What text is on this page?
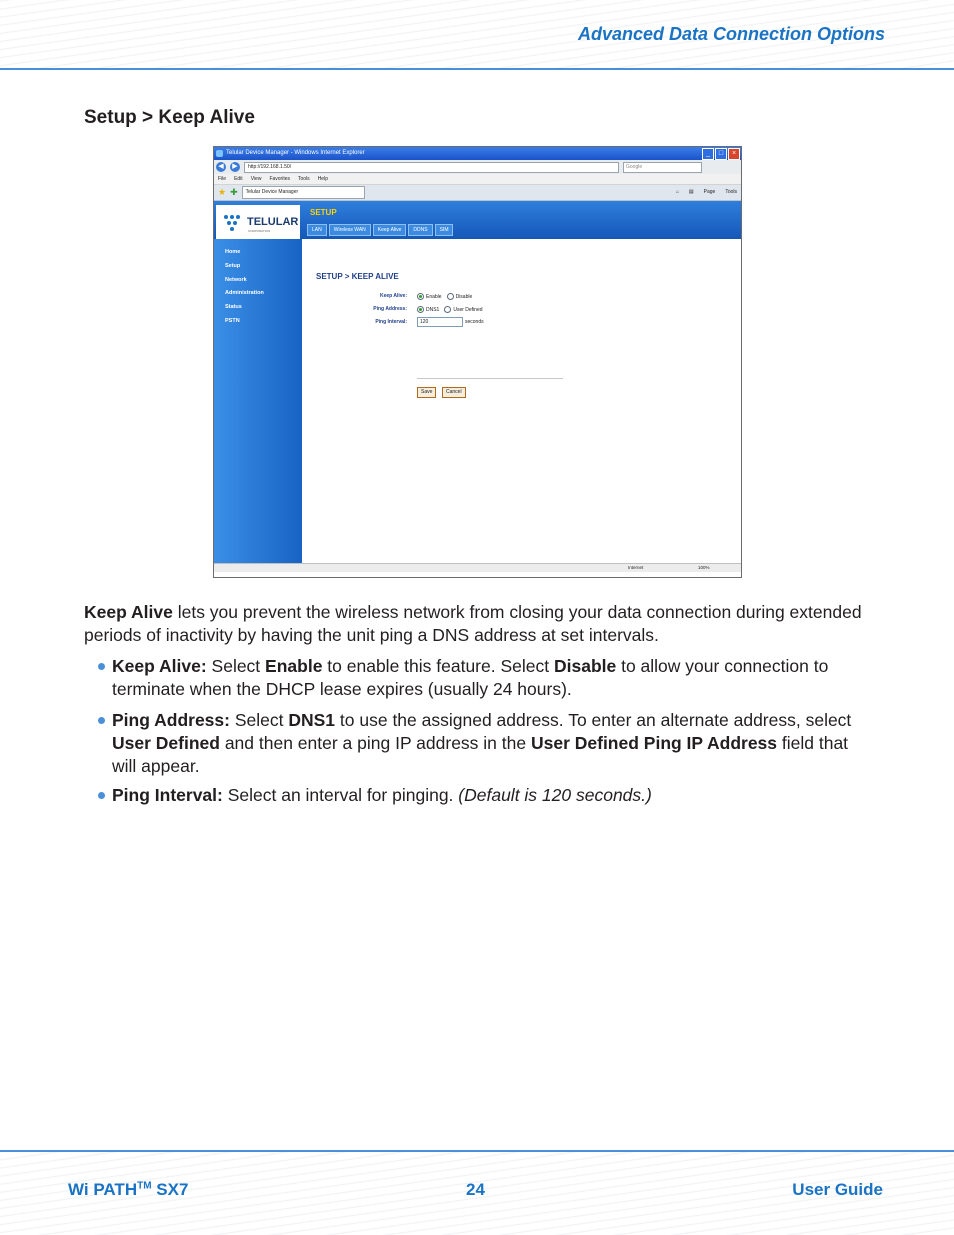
Advanced Data Connection Options
Setup > Keep Alive
Telular Device Manager - Windows Internet Explorer	_	□	×
◀	▶	http://192.168.1.50/	Google
File Edit View Favorites Tools Help
★ ✚	Telular Device Manager	⌂ ▤ Page Tools
TELULAR
CORPORATION
SETUP
LAN	Wireless WAN	Keep Alive	DDNS	SIM
Home
Setup
Network
Administration
Status
PSTN
SETUP > KEEP ALIVE
Keep Alive:	Enable	Disable
Ping Address:	DNS1	User Defined
Ping Interval:	120	seconds
Save	Cancel
Internet	100%
Keep Alive lets you prevent the wireless network from closing your data connection during extended periods of inactivity by having the unit ping a DNS address at set intervals.
Keep Alive: Select Enable to enable this feature. Select Disable to allow your connection to terminate when the DHCP lease expires (usually 24 hours).
Ping Address: Select DNS1 to use the assigned address. To enter an alternate address, select User Defined and then enter a ping IP address in the User Defined Ping IP Address field that will appear.
Ping Interval: Select an interval for pinging. (Default is 120 seconds.)
Wi PATH™ SX7	24	User Guide
